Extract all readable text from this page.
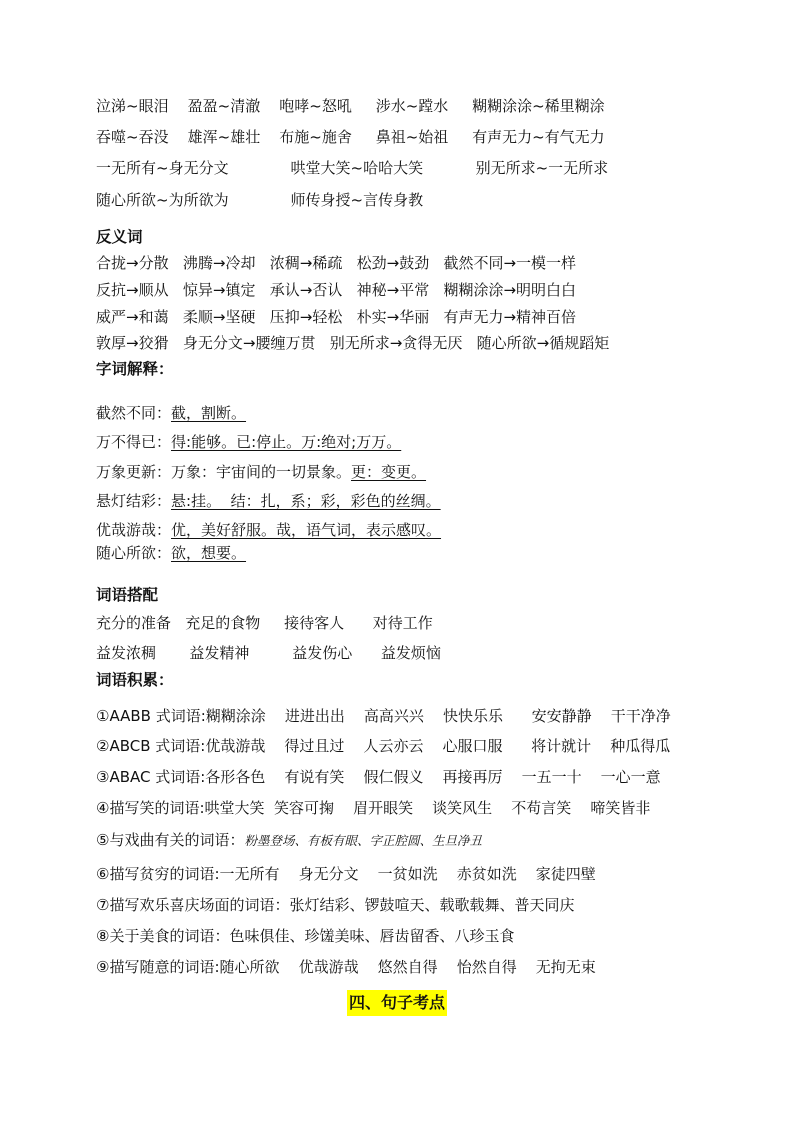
泣涕~眼泪    盈盈~清澈    咆哮~怒吼     涉水~蹚水     糊糊涂涂~稀里糊涂
吞噬~吞没    雄浑~雄壮    布施~施舍     鼻祖~始祖     有声无力~有气无力
一无所有~身无分文             哄堂大笑~哈哈大笑           别无所求~一无所求
随心所欲~为所欲为             师传身授~言传身教
反义词
合拢→分散   沸腾→冷却   浓稠→稀疏   松劲→鼓劲   截然不同→一模一样
反抗→顺从   惊异→镇定   承认→否认   神秘→平常   糊糊涂涂→明明白白
威严→和蔼   柔顺→坚硬   压抑→轻松   朴实→华丽   有声无力→精神百倍
敦厚→狡猾   身无分文→腰缠万贯   别无所求→贪得无厌   随心所欲→循规蹈矩
字词解释：
截然不同：截，割断。
万不得已：得:能够。已:停止。万:绝对;万万。
万象更新：万象：宇宙间的一切景象。更：变更。
悬灯结彩：悬:挂。  结：扎，系；彩，彩色的丝绸。
优哉游哉：优，美好舒服。哉，语气词，表示感叹。
随心所欲：欲，想要。
词语搭配
充分的准备   充足的食物     接待客人      对待工作
益发浓稠       益发精神         益发伤心      益发烦恼
词语积累：
①AABB 式词语:糊糊涂涂    进进出出    高高兴兴    快快乐乐      安安静静    干干净净
②ABCB 式词语:优哉游哉    得过且过    人云亦云    心服口服      将计就计    种瓜得瓜
③ABAC 式词语:各形各色    有说有笑    假仁假义    再接再厉    一五一十    一心一意
④描写笑的词语:哄堂大笑  笑容可掬    眉开眼笑    谈笑风生    不苟言笑    啼笑皆非
⑤与戏曲有关的词语：粉墨登场、有板有眼、字正腔圆、生旦净丑
⑥描写贫穷的词语:一无所有    身无分文    一贫如洗    赤贫如洗    家徒四壁
⑦描写欢乐喜庆场面的词语：张灯结彩、锣鼓喧天、载歌载舞、普天同庆
⑧关于美食的词语：色味俱佳、珍馐美味、唇齿留香、八珍玉食
⑨描写随意的词语:随心所欲    优哉游哉    悠然自得    怡然自得    无拘无束
四、句子考点
